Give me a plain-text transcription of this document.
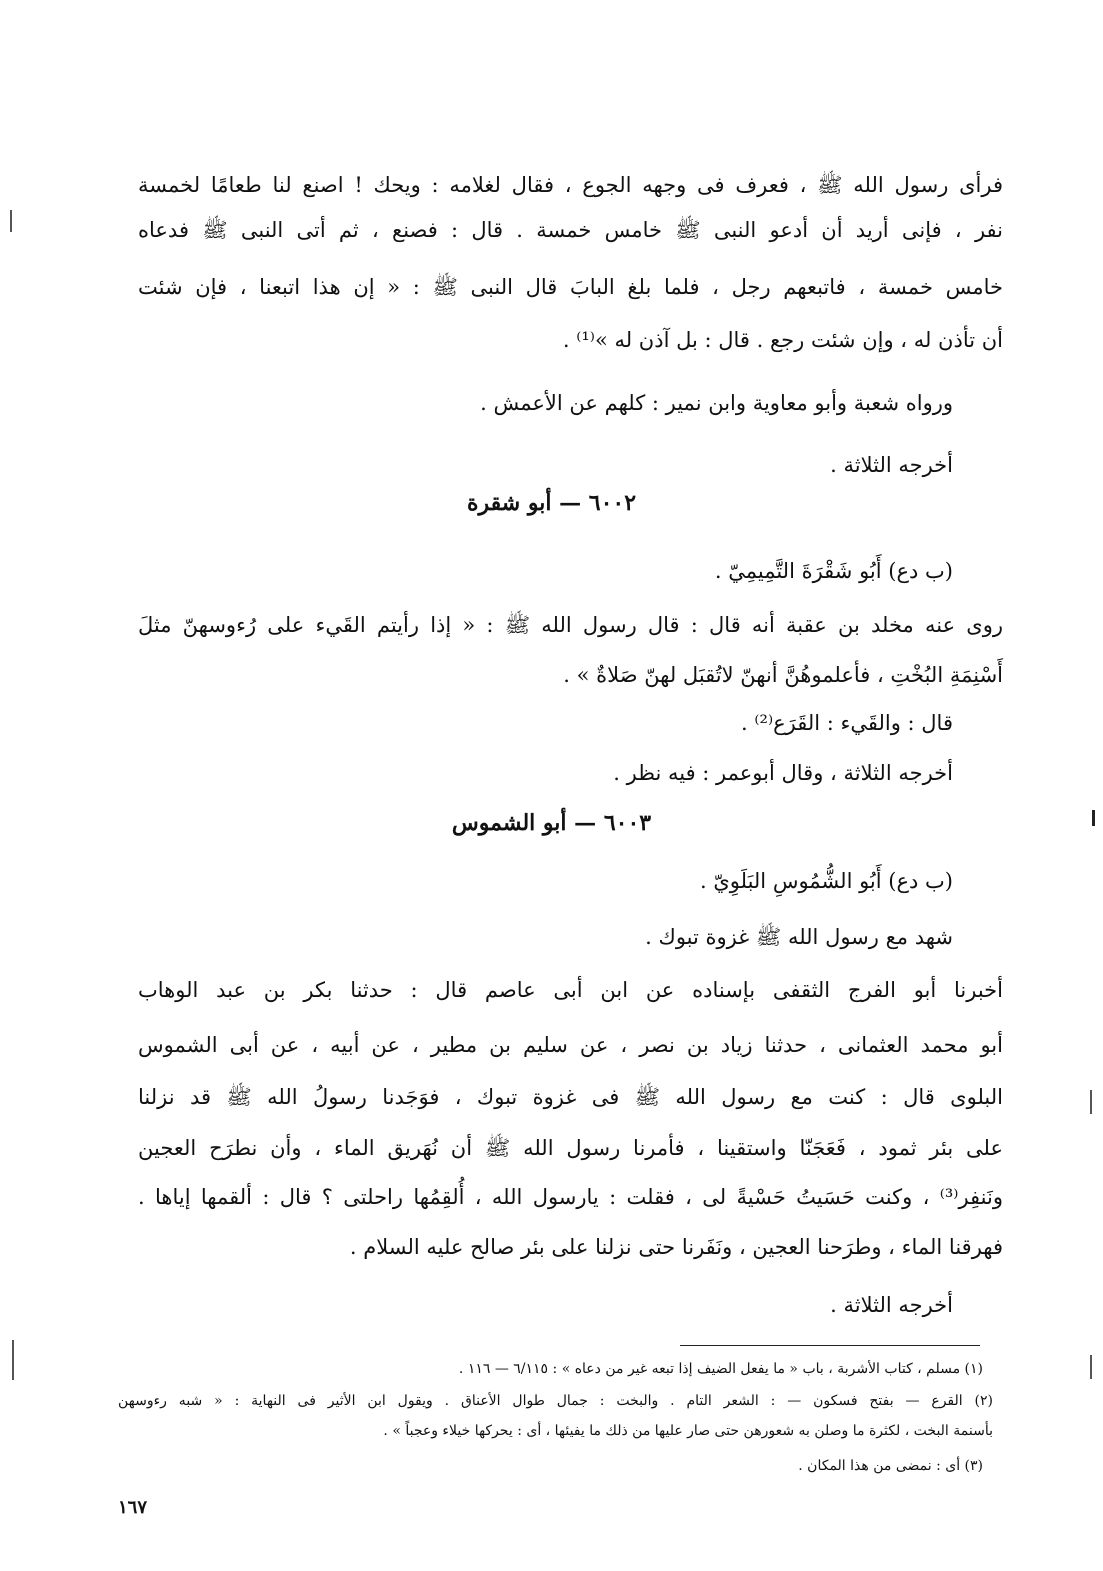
فرأى رسول الله ﷺ ، فعرف فى وجهه الجوع ، فقال لغلامه : ويحك ! اصنع لنا طعامًا لخمسة
نفر ، فإنى أريد أن أدعو النبى ﷺ خامس خمسة . قال : فصنع ، ثم أتى النبى ﷺ فدعاه
خامس خمسة ، فاتبعهم رجل ، فلما بلغ البابَ قال النبى ﷺ : « إن هذا اتبعنا ، فإن شئت
أن تأذن له ، وإن شئت رجع . قال : بل آذن له »⁽¹⁾ .
ورواه شعبة وأبو معاوية وابن نمير : كلهم عن الأعمش .
أخرجه الثلاثة .
٦٠٠٢ — أبو شقرة
(ب دع) أَبُو شَقْرَةَ التَّمِيمِيّ .
روى عنه مخلد بن عقبة أنه قال : قال رسول الله ﷺ : « إذا رأيتم القَيء على رُءوسهنّ مثلَ
أَسْنِمَةِ البُخْتِ ، فأعلموهُنَّ أنهنّ لاتُقبَل لهنّ صَلاةٌ » .
قال : والقَيء : القَرَع⁽²⁾ .
أخرجه الثلاثة ، وقال أبوعمر : فيه نظر .
٦٠٠٣ — أبو الشموس
(ب دع) أَبُو الشُّمُوسِ البَلَوِيّ .
شهد مع رسول الله ﷺ غزوة تبوك .
أخبرنا أبو الفرج الثقفى بإسناده عن ابن أبى عاصم قال : حدثنا بكر بن عبد الوهاب
أبو محمد العثمانى ، حدثنا زياد بن نصر ، عن سليم بن مطير ، عن أبيه ، عن أبى الشموس
البلوى قال : كنت مع رسول الله ﷺ فى غزوة تبوك ، فوَجَدنا رسولُ الله ﷺ قد نزلنا
على بئر ثمود ، فَعَجَنّا واستقينا ، فأمرنا رسول الله ﷺ أن نُهَريق الماء ، وأن نطرَح العجين
ونَنفِر⁽³⁾ ، وكنت حَسَيتُ حَسْيةً لى ، فقلت : يارسول الله ، أُلقِمُها راحلتى ؟ قال : ألقمها إياها .
فهرقنا الماء ، وطرَحنا العجين ، ونَفَرنا حتى نزلنا على بئر صالح عليه السلام .
أخرجه الثلاثة .
(١) مسلم ، كتاب الأشربة ، باب « ما يفعل الضيف إذا تبعه غير من دعاه » : ٦/١١٥ — ١١٦ .
(٢) القرع — بفتح فسكون — : الشعر التام . والبخت : جمال طوال الأعناق . ويقول ابن الأثير فى النهاية : « شبه رءوسهن
بأسنمة البخت ، لكثرة ما وصلن به شعورهن حتى صار عليها من ذلك ما يفيئها ، أى : يحركها خيلاء وعجباً » .
(٣) أى : نمضى من هذا المكان .
١٦٧
